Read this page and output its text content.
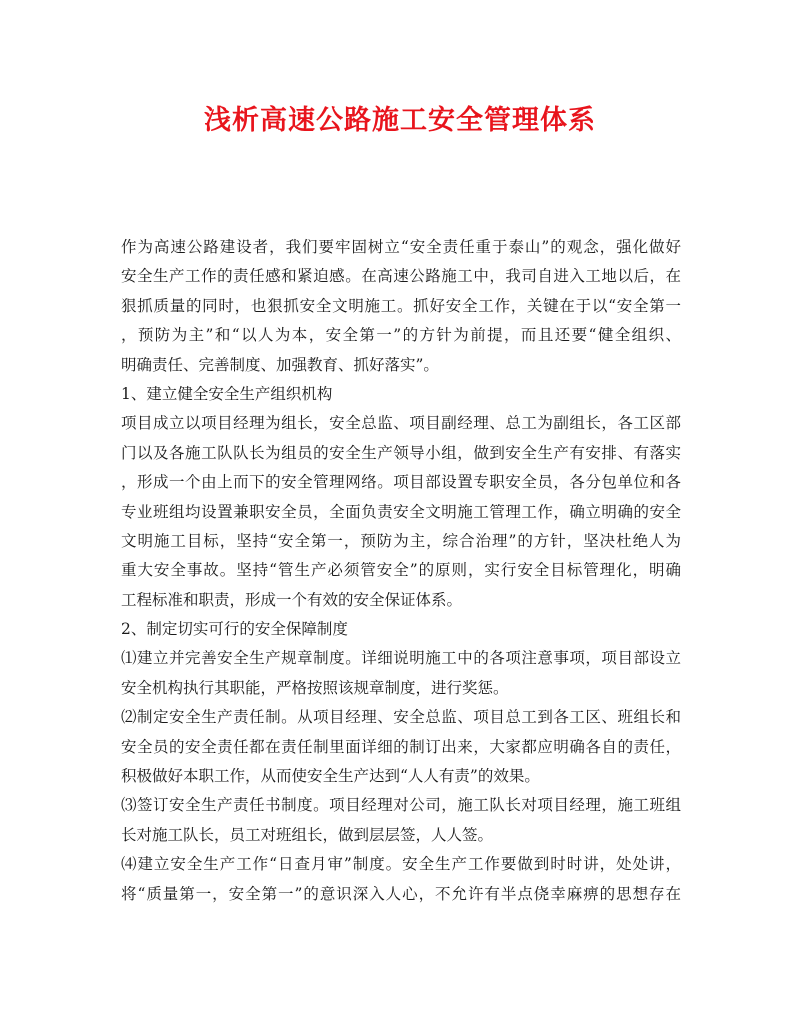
浅析高速公路施工安全管理体系
作为高速公路建设者，我们要牢固树立“安全责任重于泰山”的观念，强化做好
安全生产工作的责任感和紧迫感。在高速公路施工中，我司自进入工地以后，在
狠抓质量的同时，也狠抓安全文明施工。抓好安全工作，关键在于以“安全第一
，预防为主”和“以人为本，安全第一”的方针为前提，而且还要“健全组织、
明确责任、完善制度、加强教育、抓好落实”。
1、建立健全安全生产组织机构
项目成立以项目经理为组长，安全总监、项目副经理、总工为副组长，各工区部
门以及各施工队队长为组员的安全生产领导小组，做到安全生产有安排、有落实
，形成一个由上而下的安全管理网络。项目部设置专职安全员，各分包单位和各
专业班组均设置兼职安全员，全面负责安全文明施工管理工作，确立明确的安全
文明施工目标，坚持“安全第一，预防为主，综合治理”的方针，坚决杜绝人为
重大安全事故。坚持“管生产必须管安全”的原则，实行安全目标管理化，明确
工程标准和职责，形成一个有效的安全保证体系。
2、制定切实可行的安全保障制度
⑴建立并完善安全生产规章制度。详细说明施工中的各项注意事项，项目部设立
安全机构执行其职能，严格按照该规章制度，进行奖惩。
⑵制定安全生产责任制。从项目经理、安全总监、项目总工到各工区、班组长和
安全员的安全责任都在责任制里面详细的制订出来，大家都应明确各自的责任，
积极做好本职工作，从而使安全生产达到“人人有责”的效果。
⑶签订安全生产责任书制度。项目经理对公司，施工队长对项目经理，施工班组
长对施工队长，员工对班组长，做到层层签，人人签。
⑷建立安全生产工作“日查月审”制度。安全生产工作要做到时时讲，处处讲，
将“质量第一，安全第一”的意识深入人心，不允许有半点侥幸麻痹的思想存在
